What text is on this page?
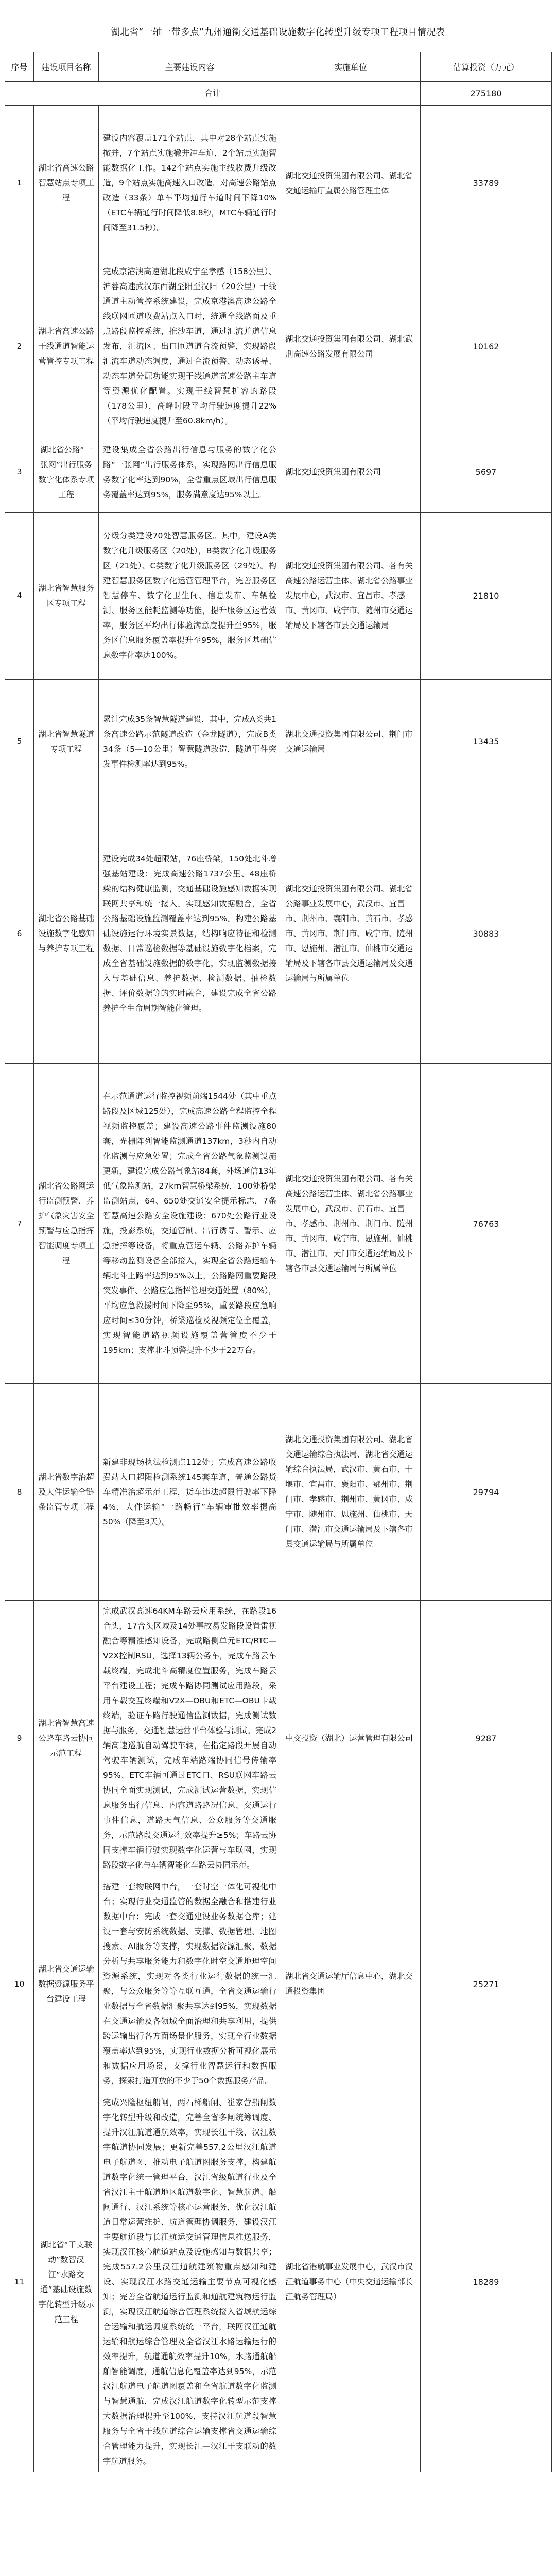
湖北省“一轴一带多点”九州通衢交通基础设施数字化转型升级专项工程项目情况表
序号	建设项目名称	主要建设内容	实施单位	估算投资（万元）
合计				275180
1	湖北省高速公路智慧站点专项工程	建设内容覆盖171个站点，其中对28个站点实施撤并，7个站点实施撤并冲车道，2个站点实施智能数据化工作。142个站点实施主线收费升级改造，9个站点实施高速入口改造，对高速公路站点改造（33条）单车平均通行车道时间下降10%（ETC车辆通行时间降低8.8秒，MTC车辆通行时间降至31.5秒）。	湖北交通投资集团有限公司、湖北省交通运输厅直属公路管理主体	33789
2	湖北省高速公路干线通道智能运营管控专项工程	完成京港澳高速湖北段咸宁至孝感（158公里）、沪蓉高速武汉东西湖至阳至汉阳（20公里）干线通道主动管控系统建设，完成京港澳高速公路全线联网匝道收费站点入口时，统通全线路面及重点路段监控系统，推沙车道，通过汇流并道信息发布，汇流区、出口匝道道合流预警，实现路段汇流车道动态调度，通过合流预警、动态诱导、动态车道分配功能实现干线通道高速公路主车道等资源优化配置。实现干线智慧扩容的路段（178公里），高峰时段平均行驶速度提升22%（平均行驶速度提升至60.8km/h）。	湖北交通投资集团有限公司、湖北武荆高速公路发展有限公司	10162
3	湖北省公路“一张网”出行服务数字化体系专项工程	建设集成全省公路出行信息与服务的数字化公路“一张网”出行服务体系，实现路网出行信息服务数字化率达到90%，全省重点区域出行信息服务覆盖率达到95%，服务满意度达95%以上。	湖北交通投资集团有限公司	5697
4	湖北省智慧服务区专项工程	分级分类建设70处智慧服务区。其中，建设A类数字化升级服务区（20处），B类数字化升级服务区（21处）、C类数字化升级服务区（29处）。构建智慧服务区数字化运营管理平台，完善服务区智慧停车、数字化卫生间、信息发布、车辆检测、服务区能耗监测等功能，提升服务区运营效率，服务区平均出行体验满意度提升至95%，服务区信息服务覆盖率提升至95%，服务区基础信息数字化率达100%。	湖北交通投资集团有限公司、各有关高速公路运营主体、湖北省公路事业发展中心，武汉市、宜昌市、孝感市、黄冈市、咸宁市、随州市交通运输局及下辖各市县交通运输局	21810
5	湖北省智慧隧道专项工程	累计完成35条智慧隧道建设，其中，完成A类共1条高速公路示范隧道改造（金龙隧道），完成B类34条（5—10公里）智慧隧道改造，隧道事件突发事件检测率达到95%。	湖北交通投资集团有限公司、荆门市交通运输局	13435
6	湖北省公路基础设施数字化感知与养护专项工程	建设完成34处超限站，76座桥梁，150处北斗增强基站建设；完成高速公路1737公里、48座桥梁的结构健康监测，交通基础设施感知数据实现联网共享和统一接入。实现感知数据融合，全省公路基础设施监测覆盖率达到95%。构建公路基础设施运行环境实景数据，结构响应特征和检测数据、日常巡检数据等基础设施数字化档案，完成全省基础设施数据的数字化，实现监测数据接入与基础信息、养护数据、检测数据、抽检数据、评价数据等的实时融合，建设完成全省公路养护全生命周期智能化管理。	湖北交通投资集团有限公司、湖北省公路事业发展中心，武汉市、宜昌市、荆州市、襄阳市、黄石市、孝感市、黄冈市、荆门市、咸宁市、随州市、恩施州、潜江市、仙桃市交通运输局及下辖各市县交通运输局及交通运输局与所属单位	30883
7	湖北省公路网运行监测预警、养护气象灾害安全预警与应急指挥智能调度专项工程	在示范通道运行监控视频前端1544处（其中重点路段及区域125处），完成高速公路全程监控全程视频监控覆盖；建设高速公路事件监测设施80套，光栅阵列智能监测通道137km，3秒内自动化监测与应急处置；完成全省公路气象监测设施更新，建设完成公路气象站84套，外场通信13年低气象监测站，27km智慧桥梁系统，100处桥梁监测站点，64、650处交通安全提示标志，7条智慧高速公路安全设施建设；670处公路行业设施，投影系统，交通管制、出行诱导、警示、应急指挥等设备，将重点营运车辆、公路养护车辆等移动监测设备全部接入，实现全省公路运输车辆北斗上路率达到95%以上，公路路网重要路段突发事件、公路应急指挥管理交通处置（80%），平均应急救援时间下降至95%，重要路段应急响应时间≤30分钟，桥梁巡检及视频定位全覆盖，实现智能道路视频设施覆盖营管度不少于195km；支撑北斗预警提升不少于22万台。	湖北交通投资集团有限公司、各有关高速公路运营主体、湖北省公路事业发展中心，武汉市、黄石市、宜昌市、孝感市、荆州市、荆门市、随州市、黄冈市、咸宁市、恩施州、仙桃市、潜江市、天门市交通运输局及下辖各市县交通运输局与所属单位	76763
8	湖北省数字治超及大件运输全链条监管专项工程	新建非现场执法检测点112处；完成高速公路收费站入口超限检测系统145套车道，普通公路货车精准治超示范工程，货车违法超限行驶率下降4%，大件运输“一路畅行”车辆审批效率提高50%（降至3天）。	湖北交通投资集团有限公司、湖北省交通运输综合执法局、湖北省交通运输综合执法局，武汉市、黄石市、十堰市、宜昌市、襄阳市、鄂州市、荆门市、孝感市、荆州市、黄冈市、咸宁市、随州市、恩施州、仙桃市、天门市、潜江市交通运输局及下辖各市县交通运输局与所属单位	29794
9	湖北省智慧高速公路车路云协同示范工程	完成武汉高速64KM车路云应用系统，在路段16合头，17合头区域及14处事故易发路段设置雷视融合等精准感知设备，完成路侧单元ETC/RTC—V2X控制RSU，选择13辆公务车，完成车路云车载终端，完成北斗高精度位置服务，完成车路云平台建设工程；完成车路协同测试应用路段，采用车载交互终端和V2X—OBU和ETC—OBU卡载终端，验证车路行驶通信监测数据，完成测试数据与服务，交通智慧运营平台体验与测试。完成2辆高速巡航自动驾驶车辆，在指定路段开展自动驾驶车辆测试，完成车端路端协同信号传输率95%、ETC车辆可通过ETC口、RSU联网车路云协同全面实现测试，完成测试运营数据，实现信息服务出行信息、内容道路路况信息、交通运行事件信息，道路天气信息、公众服务等交通服务，示范路段交通运行效率提升≥5%；车路云协同支撑车辆行驶实现数字化运营与车联网，实现路段数字化与车辆智能化车路云协同示范。	中交投资（湖北）运营管理有限公司	9287
10	湖北省交通运输数据资源服务平台建设工程	搭建一套物联网中台，一套时空一体化可视化中台；实现行业交通监管的数据全融合和搭建行业数据中台；完成一套交通建设业务数据仓库；建设一套与安防系统数据、支撑、数据管理、地图搜索、AI服务等支撑，实现数据资源汇聚，数据分析与共享服务能力和数字化时空交通地理空间资源系统，实现对各类行业运行数据的统一汇聚，与公众服务等等互联互通，全省交通运输行业数据与全省数据汇聚共享达到95%，实现数据在交通运输及各领域全面治理和共享利用，提供跨运输出行各方面场景化服务，实现全行业数据覆盖率达到95%，实现行业数据分析可视化展示和数据应用场景，支撑行业智慧运行和数据服务，探索打造开放的不少于50个数据服务产品。	湖北省交通运输厅信息中心，湖北交通投资集团	25271
11	湖北省“干支联动”数智汉江“水路交通”基础设施数字化转型升级示范工程	完成兴隆枢纽船闸，两石梯船闸、崔家营船闸数字化转型升级和改造，完善全省多闸统筹调度、提升汉江航道通航效率，实现长江干线、汉江数字航道协同发展；更新完善557.2公里汉江航道电子航道图，推动电子航道图服务支撑，构建航道数字化统一管理平台，汉江省级航道行业及全省汉江主干航道地区航道数字化、智慧航道、船闸通行、汉江系统等核心运营服务，优化汉江航道日常运营维护、航道管理协调服务，建设汉江主要航道段与长江航运交通管理信息推送服务，实现汉江核心航道站点及设施感知与数据共享；完成557.2公里汉江通航建筑物重点感知和建设、实现汉江水路交通运输主要节点可视化感知；完善全省航道运行监测和通航建筑物运行监测，实现汉江航道综合管理系统接入省域航运综合运输和航运调度系统统一平台，联网汉江通航运输和航运综合管理及全省汉江水路运输运行的效率提升，航道通航效率提升10%，水路通航船舶智能调度，通航信息化覆盖率达到95%，示范汉江航道电子航道图覆盖和全省航道数字化监测与智慧通航，完成汉江航道数字化转型示范支撑大数据治理提升至100%，支持汉江航道段智慧服务与全省干线航道综合运输支撑省交通运输综合管理能力提升，实现长江—汉江干支联动的数字航道服务。	湖北省港航事业发展中心，武汉市汉江航道事务中心（中央交通运输部长江航务管理局）	18289
